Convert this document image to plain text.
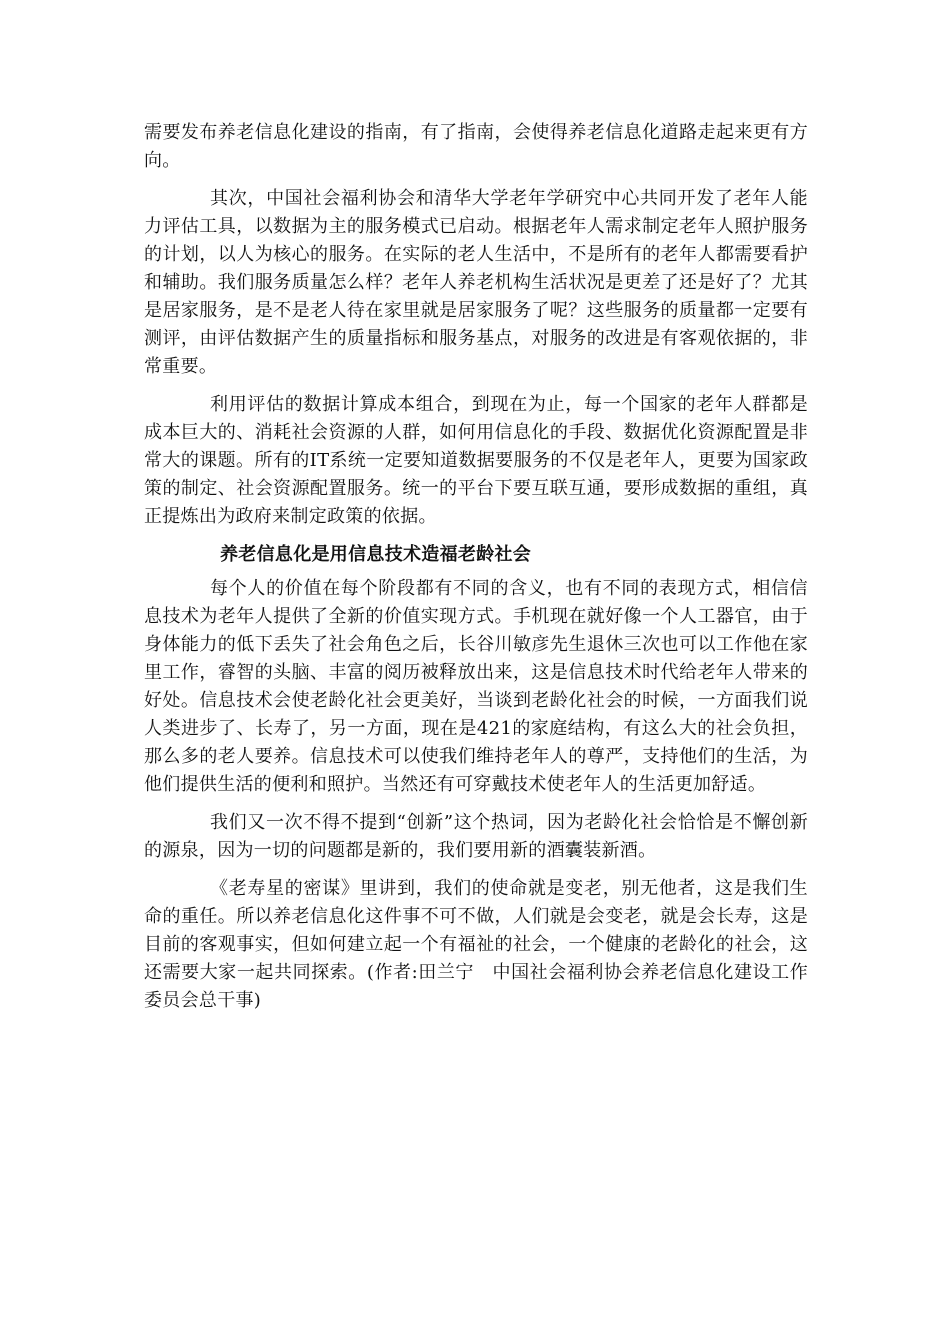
需要发布养老信息化建设的指南，有了指南，会使得养老信息化道路走起来更有方向。

其次，中国社会福利协会和清华大学老年学研究中心共同开发了老年人能力评估工具，以数据为主的服务模式已启动。根据老年人需求制定老年人照护服务的计划，以人为核心的服务。在实际的老人生活中，不是所有的老年人都需要看护和辅助。我们服务质量怎么样？老年人养老机构生活状况是更差了还是好了？尤其是居家服务，是不是老人待在家里就是居家服务了呢？这些服务的质量都一定要有测评，由评估数据产生的质量指标和服务基点，对服务的改进是有客观依据的，非常重要。

利用评估的数据计算成本组合，到现在为止，每一个国家的老年人群都是成本巨大的、消耗社会资源的人群，如何用信息化的手段、数据优化资源配置是非常大的课题。所有的IT系统一定要知道数据要服务的不仅是老年人，更要为国家政策的制定、社会资源配置服务。统一的平台下要互联互通，要形成数据的重组，真正提炼出为政府来制定政策的依据。

养老信息化是用信息技术造福老龄社会

每个人的价值在每个阶段都有不同的含义，也有不同的表现方式，相信信息技术为老年人提供了全新的价值实现方式。手机现在就好像一个人工器官，由于身体能力的低下丢失了社会角色之后，长谷川敏彦先生退休三次也可以工作他在家里工作，睿智的头脑、丰富的阅历被释放出来，这是信息技术时代给老年人带来的好处。信息技术会使老龄化社会更美好，当谈到老龄化社会的时候，一方面我们说人类进步了、长寿了，另一方面，现在是421的家庭结构，有这么大的社会负担，那么多的老人要养。信息技术可以使我们维持老年人的尊严，支持他们的生活，为他们提供生活的便利和照护。当然还有可穿戴技术使老年人的生活更加舒适。

我们又一次不得不提到“创新”这个热词，因为老龄化社会恰恰是不懈创新的源泉，因为一切的问题都是新的，我们要用新的酒囊装新酒。

《老寿星的密谋》里讲到，我们的使命就是变老，别无他者，这是我们生命的重任。所以养老信息化这件事不可不做，人们就是会变老，就是会长寿，这是目前的客观事实，但如何建立起一个有福祉的社会，一个健康的老龄化的社会，这还需要大家一起共同探索。(作者:田兰宁　中国社会福利协会养老信息化建设工作委员会总干事)
